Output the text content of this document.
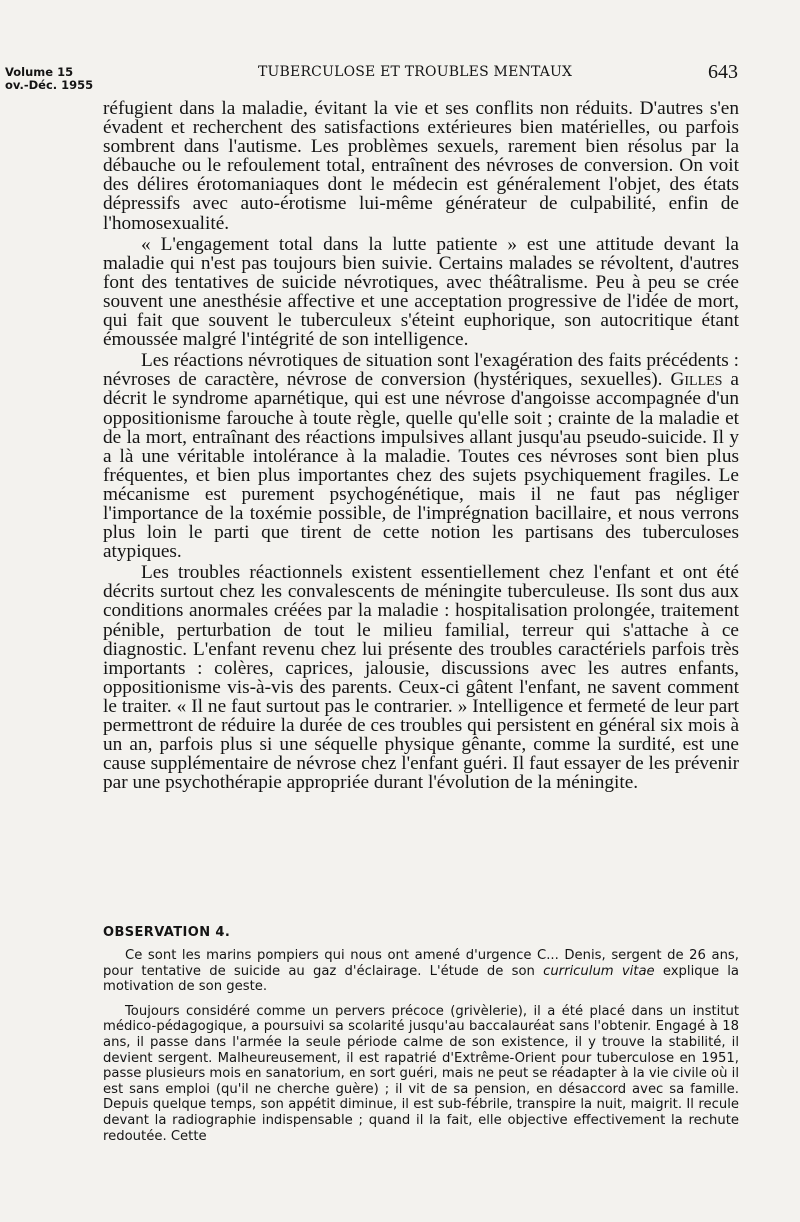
Volume 15
ov.-Déc. 1955
TUBERCULOSE ET TROUBLES MENTAUX	643

réfugient dans la maladie, évitant la vie et ses conflits non réduits. D'autres s'en évadent et recherchent des satisfactions extérieures bien matérielles, ou parfois sombrent dans l'autisme. Les problèmes sexuels, rarement bien résolus par la débauche ou le refoulement total, entraînent des névroses de conversion. On voit des délires érotomaniaques dont le médecin est généralement l'objet, des états dépressifs avec auto-érotisme lui-même générateur de culpabilité, enfin de l'homosexualité.

« L'engagement total dans la lutte patiente » est une attitude devant la maladie qui n'est pas toujours bien suivie. Certains malades se révoltent, d'autres font des tentatives de suicide névrotiques, avec théâtralisme. Peu à peu se crée souvent une anesthésie affective et une acceptation progressive de l'idée de mort, qui fait que souvent le tuberculeux s'éteint euphorique, son autocritique étant émoussée malgré l'intégrité de son intelligence.

Les réactions névrotiques de situation sont l'exagération des faits précédents : névroses de caractère, névrose de conversion (hystériques, sexuelles). Gilles a décrit le syndrome aparnétique, qui est une névrose d'angoisse accompagnée d'un oppositionisme farouche à toute règle, quelle qu'elle soit ; crainte de la maladie et de la mort, entraînant des réactions impulsives allant jusqu'au pseudo-suicide. Il y a là une véritable intolérance à la maladie. Toutes ces névroses sont bien plus fréquentes, et bien plus importantes chez des sujets psychiquement fragiles. Le mécanisme est purement psychogénétique, mais il ne faut pas négliger l'importance de la toxémie possible, de l'imprégnation bacillaire, et nous verrons plus loin le parti que tirent de cette notion les partisans des tuberculoses atypiques.

Les troubles réactionnels existent essentiellement chez l'enfant et ont été décrits surtout chez les convalescents de méningite tuberculeuse. Ils sont dus aux conditions anormales créées par la maladie : hospitalisation prolongée, traitement pénible, perturbation de tout le milieu familial, terreur qui s'attache à ce diagnostic. L'enfant revenu chez lui présente des troubles caractériels parfois très importants : colères, caprices, jalousie, discussions avec les autres enfants, oppositionisme vis-à-vis des parents. Ceux-ci gâtent l'enfant, ne savent comment le traiter. « Il ne faut surtout pas le contrarier. » Intelligence et fermeté de leur part permettront de réduire la durée de ces troubles qui persistent en général six mois à un an, parfois plus si une séquelle physique gênante, comme la surdité, est une cause supplémentaire de névrose chez l'enfant guéri. Il faut essayer de les prévenir par une psychothérapie appropriée durant l'évolution de la méningite.

OBSERVATION 4.

Ce sont les marins pompiers qui nous ont amené d'urgence C... Denis, sergent de 26 ans, pour tentative de suicide au gaz d'éclairage. L'étude de son curriculum vitae explique la motivation de son geste.

Toujours considéré comme un pervers précoce (grivèlerie), il a été placé dans un institut médico-pédagogique, a poursuivi sa scolarité jusqu'au baccalauréat sans l'obtenir. Engagé à 18 ans, il passe dans l'armée la seule période calme de son existence, il y trouve la stabilité, il devient sergent. Malheureusement, il est rapatrié d'Extrême-Orient pour tuberculose en 1951, passe plusieurs mois en sanatorium, en sort guéri, mais ne peut se réadapter à la vie civile où il est sans emploi (qu'il ne cherche guère) ; il vit de sa pension, en désaccord avec sa famille. Depuis quelque temps, son appétit diminue, il est sub-fébrile, transpire la nuit, maigrit. Il recule devant la radiographie indispensable ; quand il la fait, elle objective effectivement la rechute redoutée. Cette
